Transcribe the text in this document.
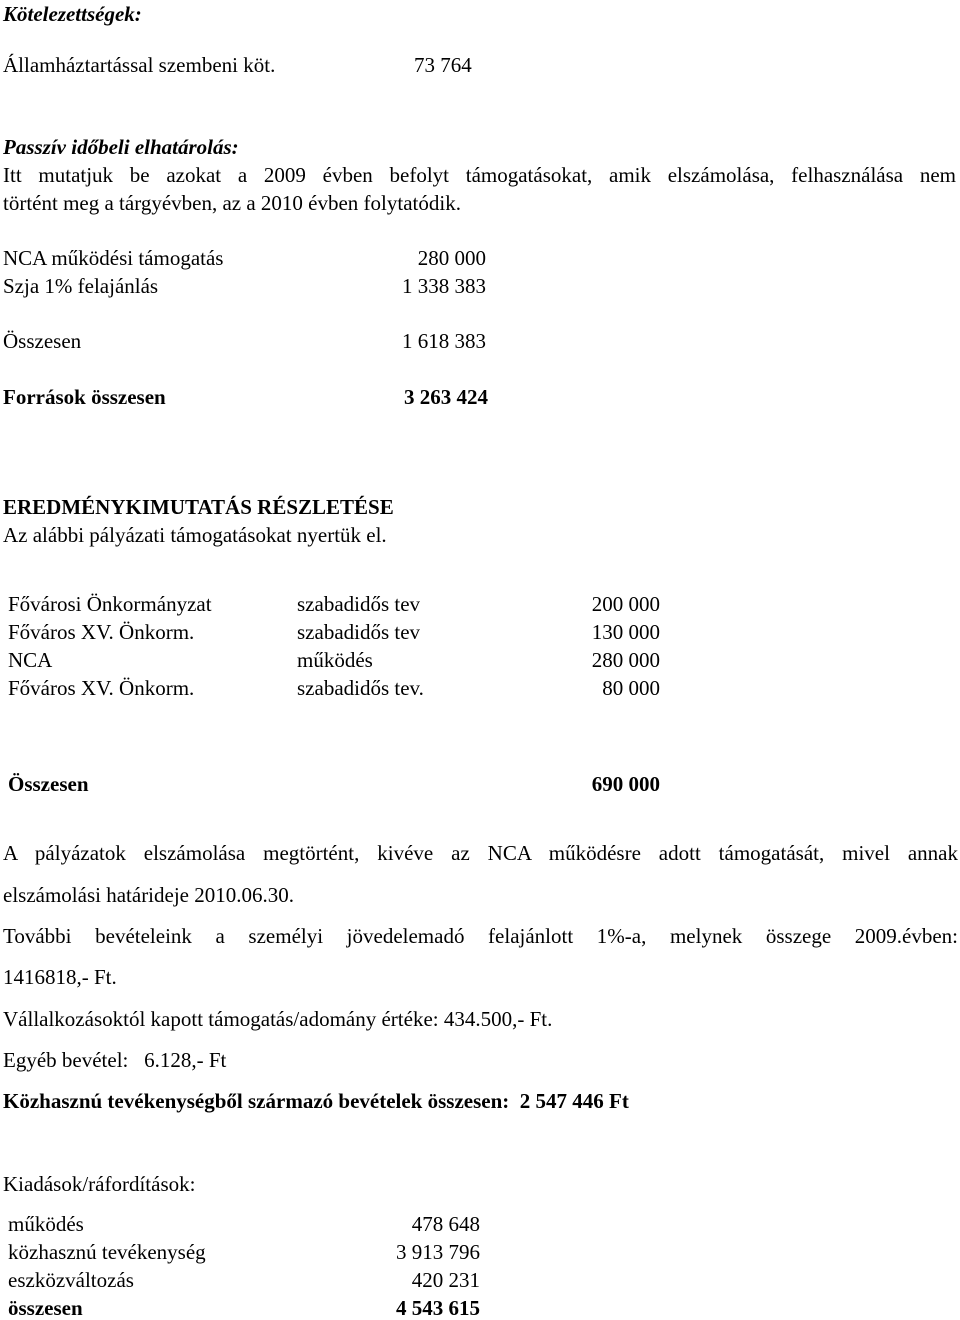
Kötelezettségek:
Államháztartással szembeni köt.	73 764
Passzív időbeli elhatárolás:
Itt mutatjuk be azokat a 2009 évben befolyt támogatásokat, amik elszámolása, felhasználása nem
történt meg a tárgyévben, az a 2010 évben folytatódik.
NCA működési támogatás	280 000
Szja 1% felajánlás	1 338 383
Összesen	1 618 383
Források összesen	3 263 424
EREDMÉNYKIMUTATÁS RÉSZLETÉSE
Az alábbi pályázati támogatásokat nyertük el.
Fővárosi Önkormányzat	szabadidős tev	200 000
Főváros XV. Önkorm.	szabadidős tev	130 000
NCA	működés	280 000
Főváros XV. Önkorm.	szabadidős tev.	80 000
Összesen	690 000
A pályázatok elszámolása megtörtént, kivéve az NCA működésre adott támogatását, mivel annak
elszámolási határideje 2010.06.30.
További bevételeink a személyi jövedelemadó felajánlott 1%-a, melynek összege 2009.évben:
1416818,- Ft.
Vállalkozásoktól kapott támogatás/adomány értéke: 434.500,- Ft.
Egyéb bevétel:   6.128,- Ft
Közhasznú tevékenységből származó bevételek összesen:  2 547 446 Ft
Kiadások/ráfordítások:
működés	478 648
közhasznú tevékenység	3 913 796
eszközváltozás	420 231
összesen	4 543 615
